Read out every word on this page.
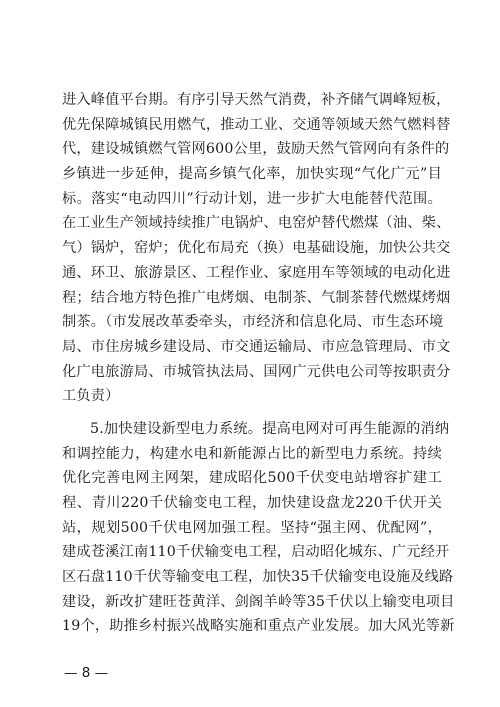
进入峰值平台期。有序引导天然气消费，补齐储气调峰短板，
优先保障城镇民用燃气，推动工业、交通等领域天然气燃料替
代，建设城镇燃气管网600公里，鼓励天然气管网向有条件的
乡镇进一步延伸，提高乡镇气化率，加快实现“气化广元”目
标。落实“电动四川”行动计划，进一步扩大电能替代范围。
在工业生产领域持续推广电锅炉、电窑炉替代燃煤（油、柴、
气）锅炉，窑炉；优化布局充（换）电基础设施，加快公共交
通、环卫、旅游景区、工程作业、家庭用车等领域的电动化进
程；结合地方特色推广电烤烟、电制茶、气制茶替代燃煤烤烟
制茶。（市发展改革委牵头，市经济和信息化局、市生态环境
局、市住房城乡建设局、市交通运输局、市应急管理局、市文
化广电旅游局、市城管执法局、国网广元供电公司等按职责分
工负责）
5.加快建设新型电力系统。提高电网对可再生能源的消纳
和调控能力，构建水电和新能源占比的新型电力系统。持续
优化完善电网主网架，建成昭化500千伏变电站增容扩建工
程、青川220千伏输变电工程，加快建设盘龙220千伏开关
站，规划500千伏电网加强工程。坚持“强主网、优配网”，
建成苍溪江南110千伏输变电工程，启动昭化城东、广元经开
区石盘110千伏等输变电工程，加快35千伏输变电设施及线路
建设，新改扩建旺苍黄洋、剑阁羊岭等35千伏以上输变电项目
19个，助推乡村振兴战略实施和重点产业发展。加大风光等新
— 8 —
